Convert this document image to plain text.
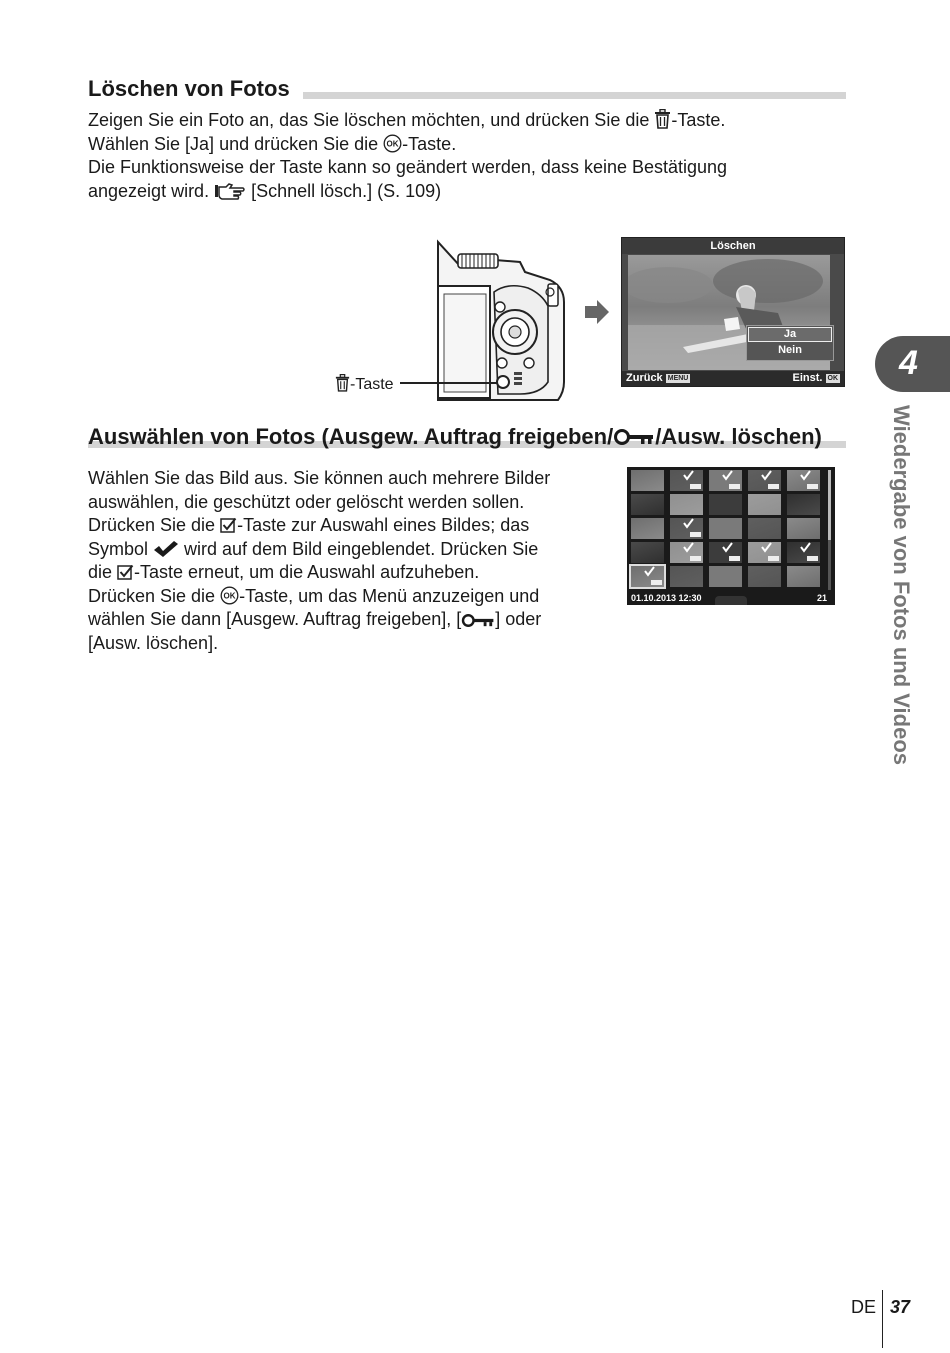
Löschen von Fotos

Zeigen Sie ein Foto an, das Sie löschen möchten, und drücken Sie die -Taste.

Wählen Sie [Ja] und drücken Sie die OK -Taste.

Die Funktionsweise der Taste kann so geändert werden, dass keine Bestätigung

angezeigt wird.  [Schnell lösch.] (S. 109)

-Taste
Löschen
Ja
Nein
Zurück MENU	Einst. OK
Auswählen von Fotos (Ausgew. Auftrag freigeben/ /Ausw. löschen)

Wählen Sie das Bild aus. Sie können auch mehrere Bilder

auswählen, die geschützt oder gelöscht werden sollen.

Drücken Sie die -Taste zur Auswahl eines Bildes; das

Symbol  wird auf dem Bild eingeblendet. Drücken Sie

die -Taste erneut, um die Auswahl aufzuheben.

Drücken Sie die OK -Taste, um das Menü anzuzeigen und

wählen Sie dann [Ausgew. Auftrag freigeben], [ ] oder

[Ausw. löschen].

01.10.2013 12:30	21
4
Wiedergabe von Fotos und Videos
DE 37
